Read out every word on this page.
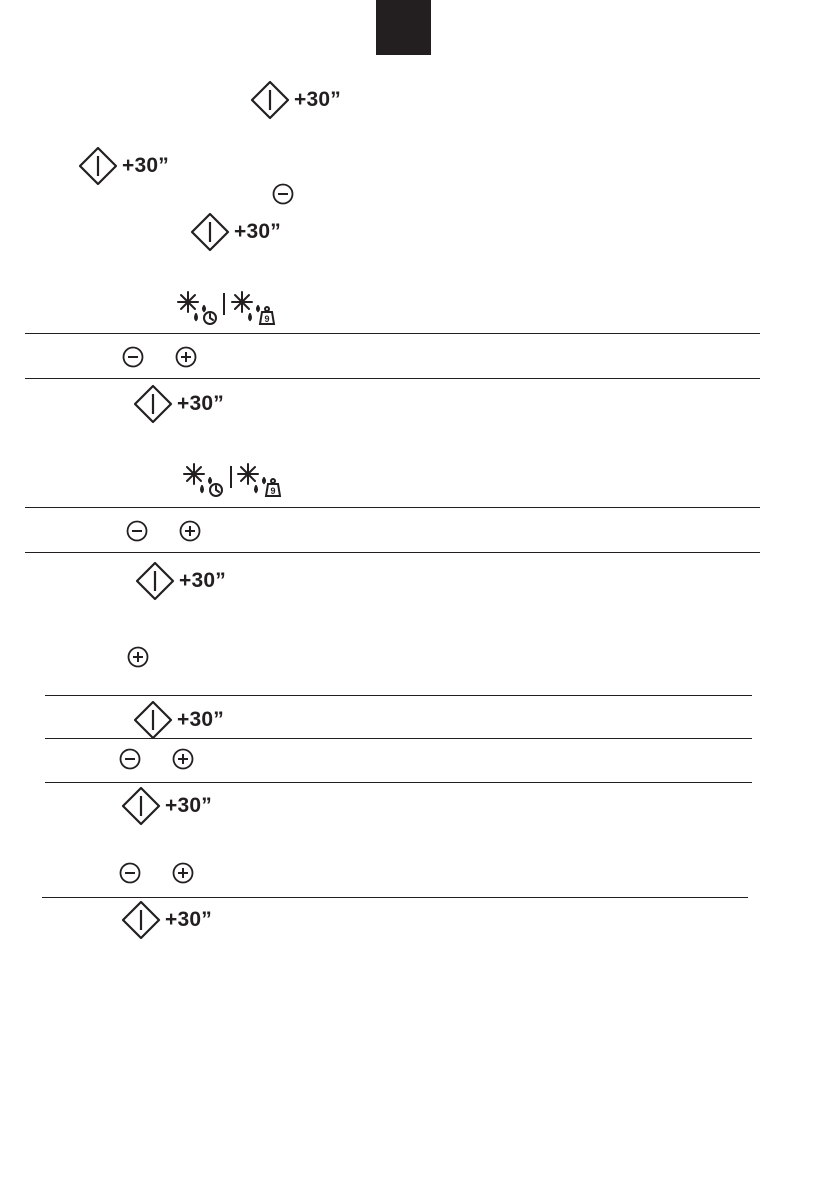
+30”
+30”
+30”
9
+30”
9
+30”
+30”
+30”
+30”
